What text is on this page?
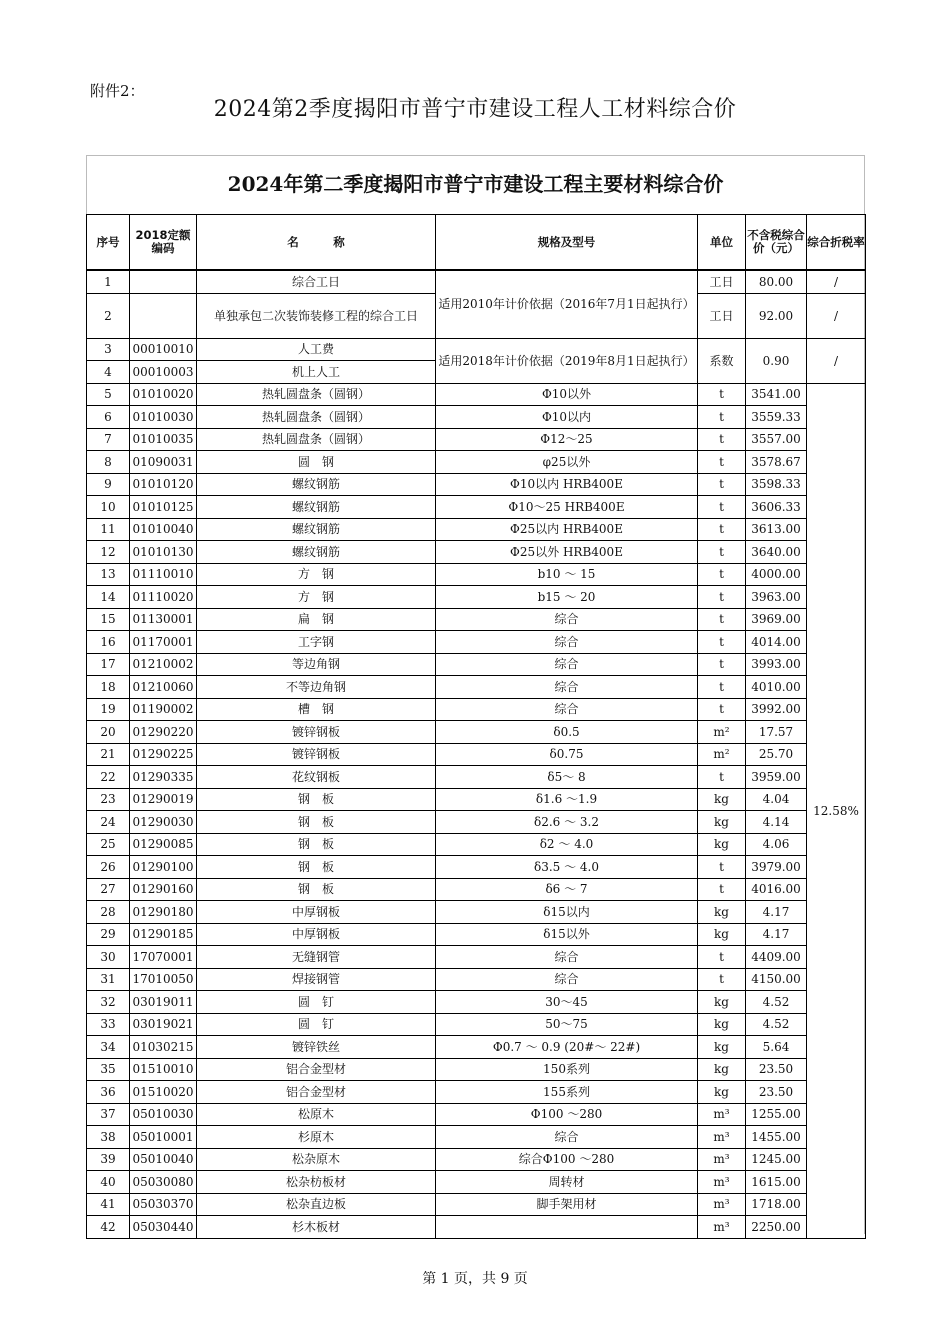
附件2：
2024第2季度揭阳市普宁市建设工程人工材料综合价
2024年第二季度揭阳市普宁市建设工程主要材料综合价
序号	2018定额编码	名　　　称	规格及型号	单位	不含税综合价（元）	综合折税率
1		综合工日	适用2010年计价依据（2016年7月1日起执行）	工日	80.00	/
2		单独承包二次装饰装修工程的综合工日		工日	92.00	/
3	00010010	人工费	适用2018年计价依据（2019年8月1日起执行）	系数	0.90	/
4	00010003	机上人工				
5	01010020	热轧圆盘条（圆钢）	Φ10以外	t	3541.00	12.58%
6	01010030	热轧圆盘条（圆钢）	Φ10以内	t	3559.33	
7	01010035	热轧圆盘条（圆钢）	Φ12～25	t	3557.00	
8	01090031	圆　钢	φ25以外	t	3578.67	
9	01010120	螺纹钢筋	Φ10以内 HRB400E	t	3598.33	
10	01010125	螺纹钢筋	Φ10～25 HRB400E	t	3606.33	
11	01010040	螺纹钢筋	Φ25以内 HRB400E	t	3613.00	
12	01010130	螺纹钢筋	Φ25以外 HRB400E	t	3640.00	
13	01110010	方　钢	b10 ～ 15	t	4000.00	
14	01110020	方　钢	b15 ～ 20	t	3963.00	
15	01130001	扁　钢	综合	t	3969.00	
16	01170001	工字钢	综合	t	4014.00	
17	01210002	等边角钢	综合	t	3993.00	
18	01210060	不等边角钢	综合	t	4010.00	
19	01190002	槽　钢	综合	t	3992.00	
20	01290220	镀锌钢板	δ0.5	m²	17.57	
21	01290225	镀锌钢板	δ0.75	m²	25.70	
22	01290335	花纹钢板	δ5～ 8	t	3959.00	
23	01290019	钢　板	δ1.6 ～1.9	kg	4.04	
24	01290030	钢　板	δ2.6 ～ 3.2	kg	4.14	
25	01290085	钢　板	δ2 ～ 4.0	kg	4.06	
26	01290100	钢　板	δ3.5 ～ 4.0	t	3979.00	
27	01290160	钢　板	δ6 ～ 7	t	4016.00	
28	01290180	中厚钢板	δ15以内	kg	4.17	
29	01290185	中厚钢板	δ15以外	kg	4.17	
30	17070001	无缝钢管	综合	t	4409.00	
31	17010050	焊接钢管	综合	t	4150.00	
32	03019011	圆　钉	30～45	kg	4.52	
33	03019021	圆　钉	50～75	kg	4.52	
34	01030215	镀锌铁丝	Φ0.7 ～ 0.9 (20#～ 22#)	kg	5.64	
35	01510010	铝合金型材	150系列	kg	23.50	
36	01510020	铝合金型材	155系列	kg	23.50	
37	05010030	松原木	Φ100 ～280	m³	1255.00	
38	05010001	杉原木	综合	m³	1455.00	
39	05010040	松杂原木	综合Φ100 ～280	m³	1245.00	
40	05030080	松杂枋板材	周转材	m³	1615.00	
41	05030370	松杂直边板	脚手架用材	m³	1718.00	
42	05030440	杉木板材		m³	2250.00	
第 1 页，共 9 页
